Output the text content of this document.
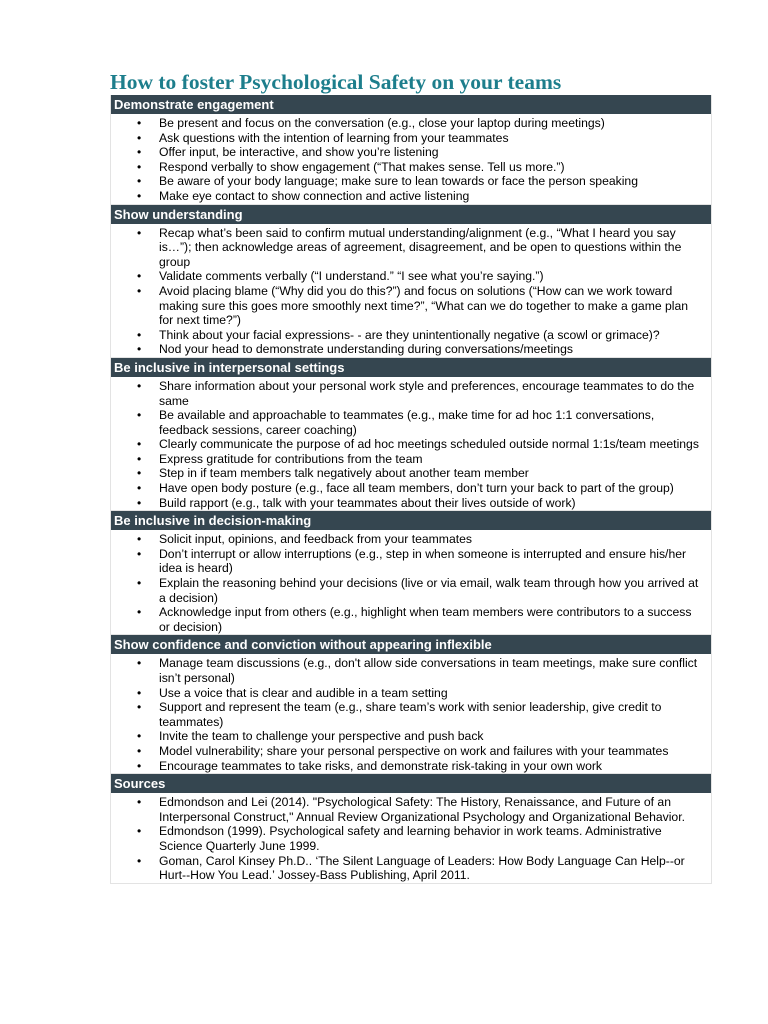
How to foster Psychological Safety on your teams
Demonstrate engagement
• Be present and focus on the conversation (e.g., close your laptop during meetings)
• Ask questions with the intention of learning from your teammates
• Offer input, be interactive, and show you’re listening
• Respond verbally to show engagement (“That makes sense. Tell us more.”)
• Be aware of your body language; make sure to lean towards or face the person speaking
• Make eye contact to show connection and active listening
Show understanding
• Recap what’s been said to confirm mutual understanding/alignment (e.g., “What I heard you say is…”); then acknowledge areas of agreement, disagreement, and be open to questions within the group
• Validate comments verbally (“I understand.” “I see what you’re saying.”)
• Avoid placing blame (“Why did you do this?”) and focus on solutions (“How can we work toward making sure this goes more smoothly next time?”, “What can we do together to make a game plan for next time?”)
• Think about your facial expressions- - are they unintentionally negative (a scowl or grimace)?
• Nod your head to demonstrate understanding during conversations/meetings
Be inclusive in interpersonal settings
• Share information about your personal work style and preferences, encourage teammates to do the same
• Be available and approachable to teammates (e.g., make time for ad hoc 1:1 conversations, feedback sessions, career coaching)
• Clearly communicate the purpose of ad hoc meetings scheduled outside normal 1:1s/team meetings
• Express gratitude for contributions from the team
• Step in if team members talk negatively about another team member
• Have open body posture (e.g., face all team members, don’t turn your back to part of the group)
• Build rapport (e.g., talk with your teammates about their lives outside of work)
Be inclusive in decision-making
• Solicit input, opinions, and feedback from your teammates
• Don’t interrupt or allow interruptions (e.g., step in when someone is interrupted and ensure his/her idea is heard)
• Explain the reasoning behind your decisions (live or via email, walk team through how you arrived at a decision)
• Acknowledge input from others (e.g., highlight when team members were contributors to a success or decision)
Show confidence and conviction without appearing inflexible
• Manage team discussions (e.g., don't allow side conversations in team meetings, make sure conflict isn’t personal)
• Use a voice that is clear and audible in a team setting
• Support and represent the team (e.g., share team’s work with senior leadership, give credit to teammates)
• Invite the team to challenge your perspective and push back
• Model vulnerability; share your personal perspective on work and failures with your teammates
• Encourage teammates to take risks, and demonstrate risk-taking in your own work
Sources
• Edmondson and Lei (2014). "Psychological Safety: The History, Renaissance, and Future of an Interpersonal Construct," Annual Review Organizational Psychology and Organizational Behavior.
• Edmondson (1999). Psychological safety and learning behavior in work teams. Administrative Science Quarterly June 1999.
• Goman, Carol Kinsey Ph.D.. ‘The Silent Language of Leaders: How Body Language Can Help--or Hurt--How You Lead.’ Jossey-Bass Publishing, April 2011.
